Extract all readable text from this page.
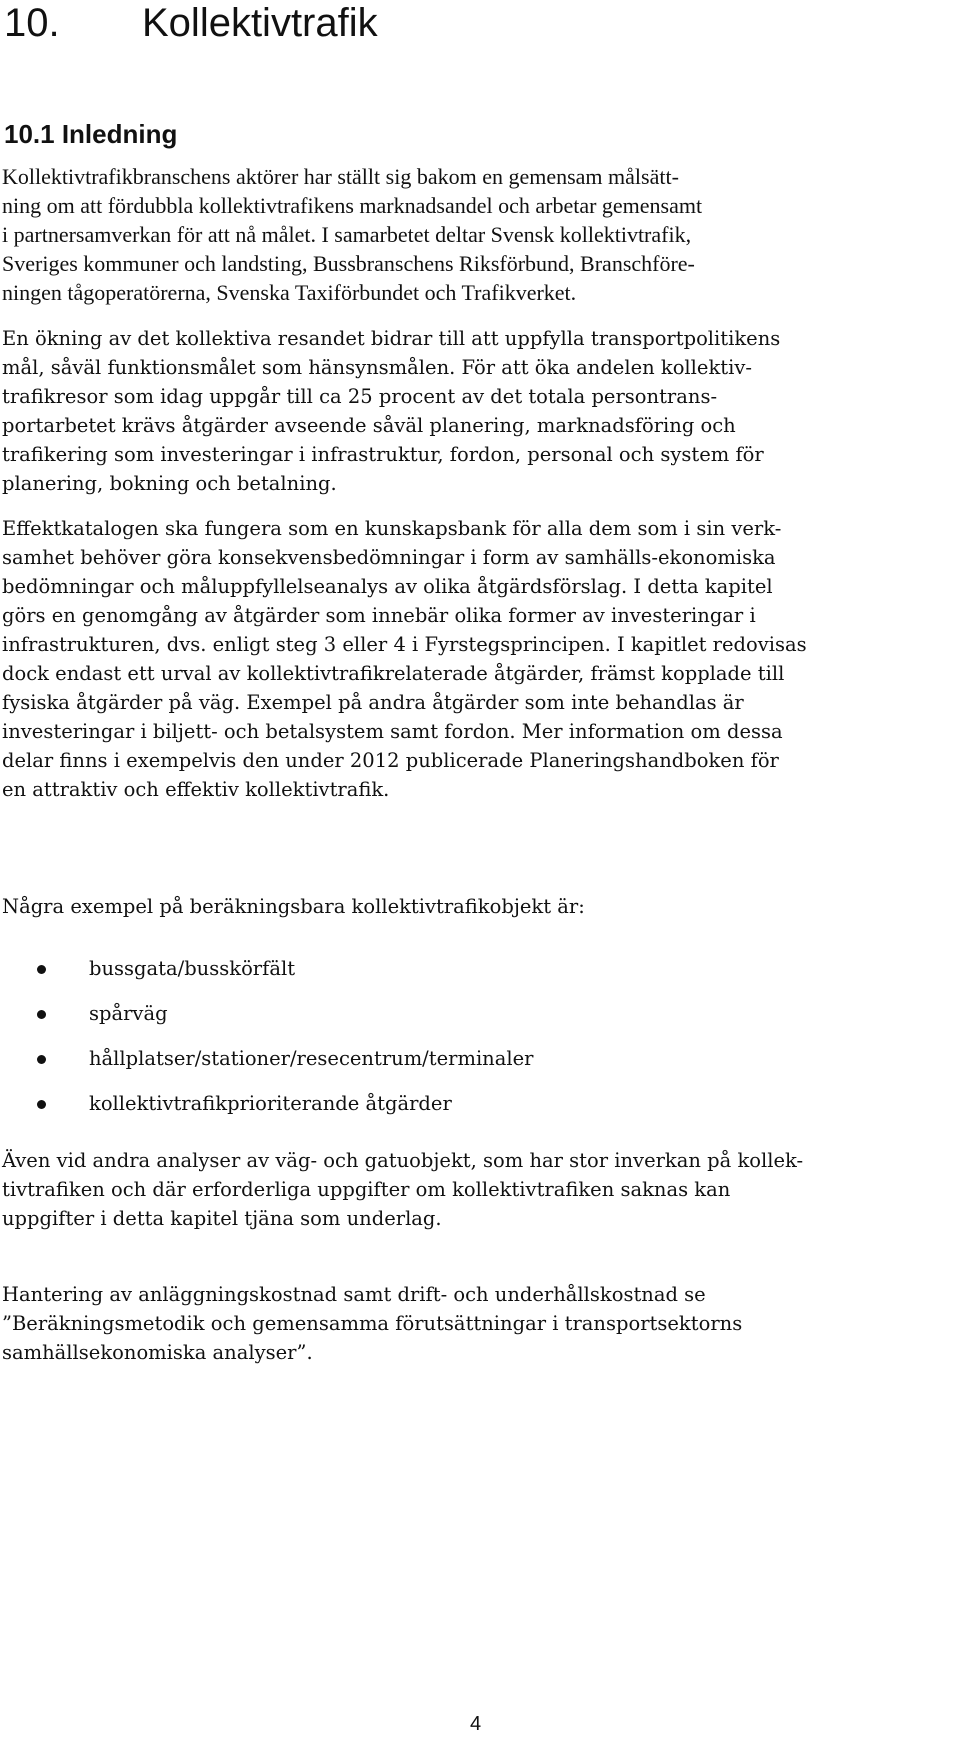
10. Kollektivtrafik
10.1 Inledning

Kollektivtrafikbranschens aktörer har ställt sig bakom en gemensam målsätt-
ning om att fördubbla kollektivtrafikens marknadsandel och arbetar gemensamt
i partnersamverkan för att nå målet. I samarbetet deltar Svensk kollektivtrafik,
Sveriges kommuner och landsting, Bussbranschens Riksförbund, Branschföre-
ningen tågoperatörerna, Svenska Taxiförbundet och Trafikverket.

En ökning av det kollektiva resandet bidrar till att uppfylla transportpolitikens
mål, såväl funktionsmålet som hänsynsmålen. För att öka andelen kollektiv-
trafikresor som idag uppgår till ca 25 procent av det totala persontrans-
portarbetet krävs åtgärder avseende såväl planering, marknadsföring och
trafikering som investeringar i infrastruktur, fordon, personal och system för
planering, bokning och betalning.

Effektkatalogen ska fungera som en kunskapsbank för alla dem som i sin verk-
samhet behöver göra konsekvensbedömningar i form av samhälls-ekonomiska
bedömningar och måluppfyllelseanalys av olika åtgärdsförslag. I detta kapitel
görs en genomgång av åtgärder som innebär olika former av investeringar i
infrastrukturen, dvs. enligt steg 3 eller 4 i Fyrstegsprincipen. I kapitlet redovisas
dock endast ett urval av kollektivtrafikrelaterade åtgärder, främst kopplade till
fysiska åtgärder på väg. Exempel på andra åtgärder som inte behandlas är
investeringar i biljett- och betalsystem samt fordon. Mer information om dessa
delar finns i exempelvis den under 2012 publicerade Planeringshandboken för
en attraktiv och effektiv kollektivtrafik.

Några exempel på beräkningsbara kollektivtrafikobjekt är:

bussgata/busskörfält
spårväg
hållplatser/stationer/resecentrum/terminaler
kollektivtrafikprioriterande åtgärder

Även vid andra analyser av väg- och gatuobjekt, som har stor inverkan på kollek-
tivtrafiken och där erforderliga uppgifter om kollektivtrafiken saknas kan
uppgifter i detta kapitel tjäna som underlag.

Hantering av anläggningskostnad samt drift- och underhållskostnad se
”Beräkningsmetodik och gemensamma förutsättningar i transportsektorns
samhällsekonomiska analyser”.

4
